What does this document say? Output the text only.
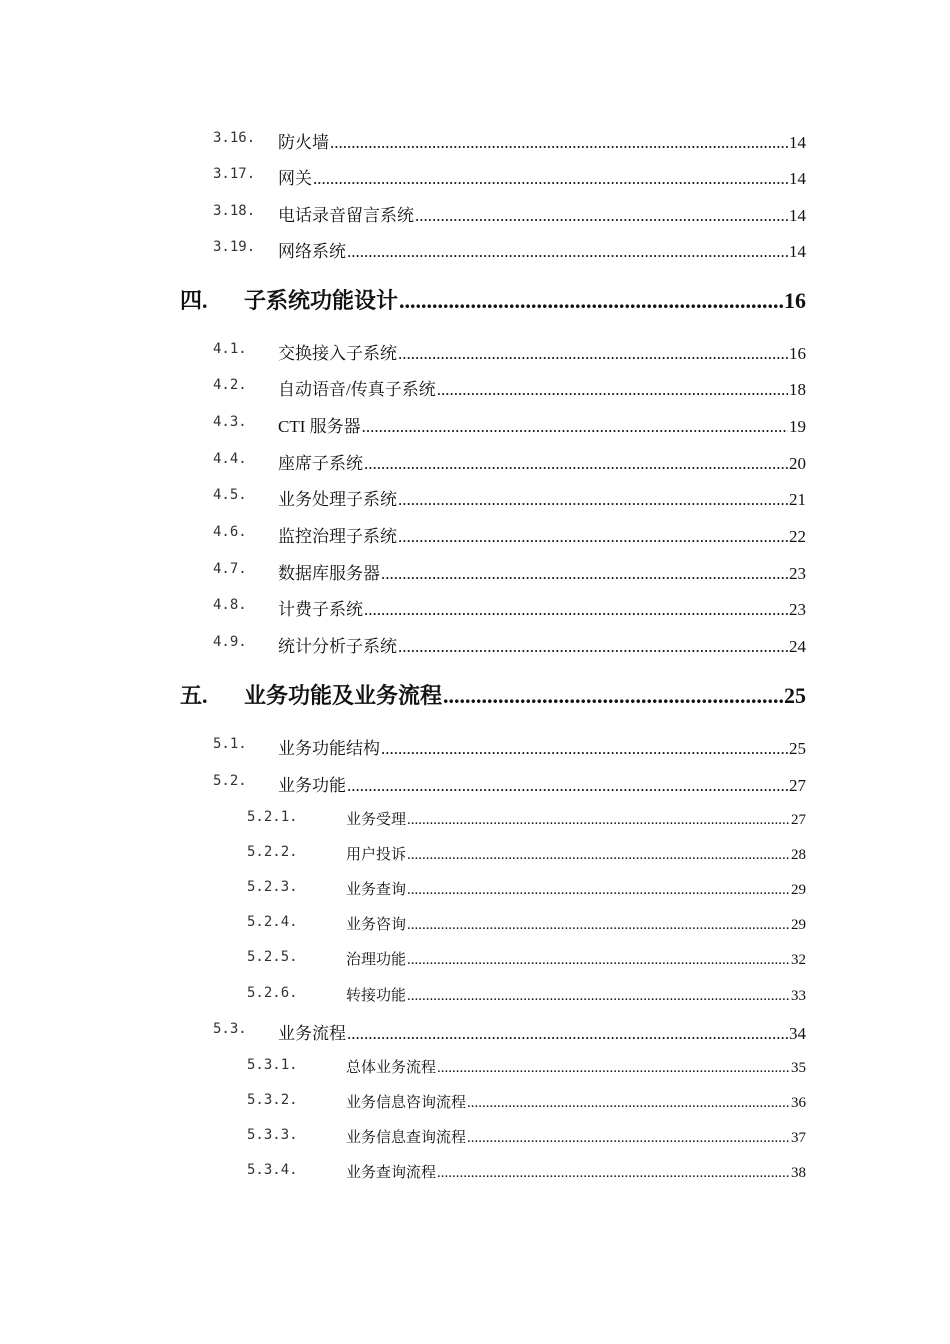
3.16. 防火墙 .....	14
3.17. 网关 .....	14
3.18. 电话录音留言系统 .....	14
3.19. 网络系统 .....	14
四. 子系统功能设计 .....	16
4.1. 交换接入子系统 .....	16
4.2. 自动语音/传真子系统 .....	18
4.3. CTI 服务器 .....	19
4.4. 座席子系统 .....	20
4.5. 业务处理子系统 .....	21
4.6. 监控治理子系统 .....	22
4.7. 数据库服务器 .....	23
4.8. 计费子系统 .....	23
4.9. 统计分析子系统 .....	24
五. 业务功能及业务流程 .....	25
5.1. 业务功能结构 .....	25
5.2. 业务功能 .....	27
5.2.1.	业务受理 .....	27
5.2.2.	用户投诉 .....	28
5.2.3.	业务查询 .....	29
5.2.4.	业务咨询 .....	29
5.2.5.	治理功能 .....	32
5.2.6.	转接功能 .....	33
5.3. 业务流程 .....	34
5.3.1.	总体业务流程 .....	35
5.3.2.	业务信息咨询流程 .....	36
5.3.3.	业务信息查询流程 .....	37
5.3.4.	业务查询流程 .....	38
